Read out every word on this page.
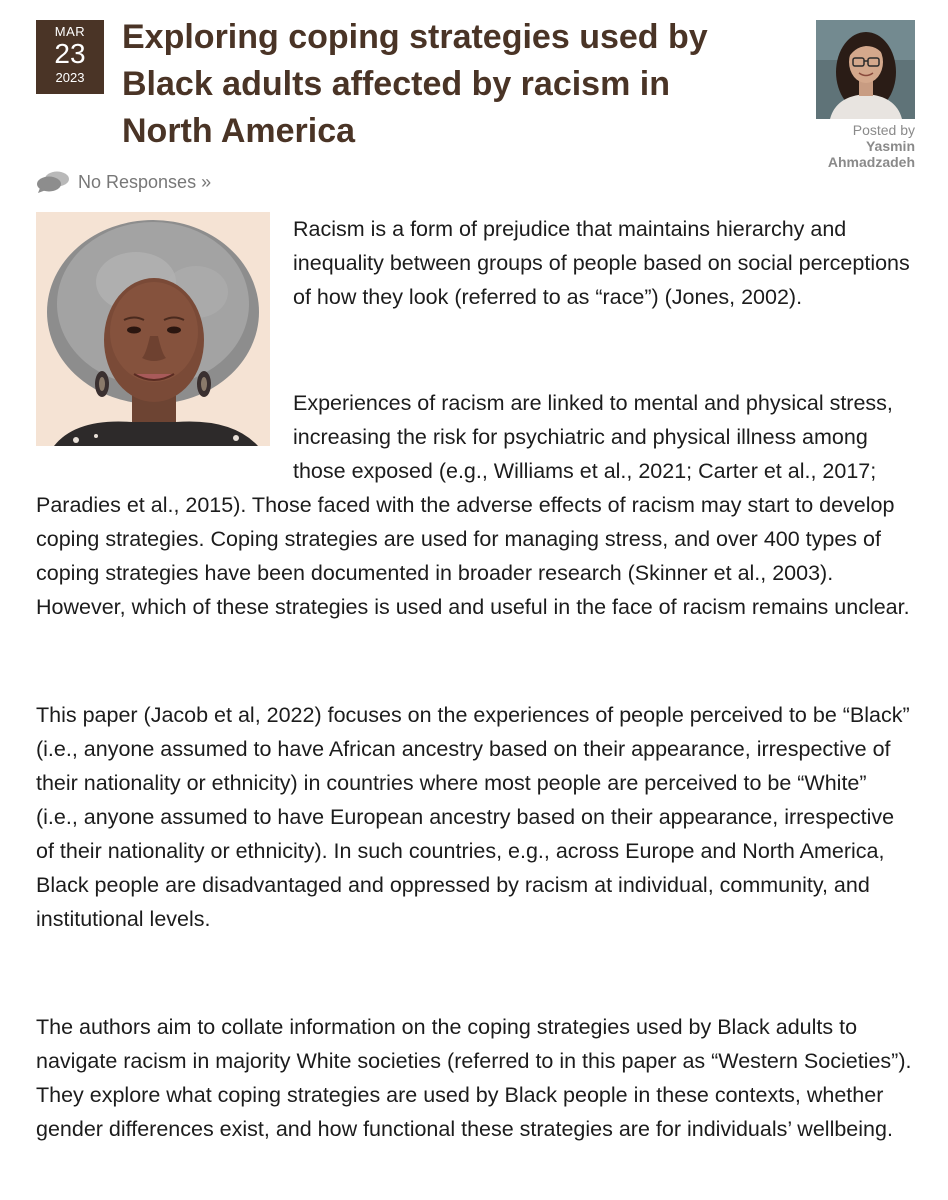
MAR
23
2023
Exploring coping strategies used by
Black adults affected by racism in
North America	Posted by
Yasmin
Ahmadzadeh
No Responses »

Racism is a form of prejudice that maintains hierarchy and inequality between groups of people based on social perceptions of how they look (referred to as “race”) (Jones, 2002).

Experiences of racism are linked to mental and physical stress, increasing the risk for psychiatric and physical illness among those exposed (e.g., Williams et al., 2021; Carter et al., 2017; Paradies et al., 2015). Those faced with the adverse effects of racism may start to develop coping strategies. Coping strategies are used for managing stress, and over 400 types of coping strategies have been documented in broader research (Skinner et al., 2003). However, which of these strategies is used and useful in the face of racism remains unclear.

This paper (Jacob et al, 2022) focuses on the experiences of people perceived to be “Black” (i.e., anyone assumed to have African ancestry based on their appearance, irrespective of their nationality or ethnicity) in countries where most people are perceived to be “White” (i.e., anyone assumed to have European ancestry based on their appearance, irrespective of their nationality or ethnicity). In such countries, e.g., across Europe and North America, Black people are disadvantaged and oppressed by racism at individual, community, and institutional levels.

The authors aim to collate information on the coping strategies used by Black adults to navigate racism in majority White societies (referred to in this paper as “Western Societies”). They explore what coping strategies are used by Black people in these contexts, whether gender differences exist, and how functional these strategies are for individuals’ wellbeing.
